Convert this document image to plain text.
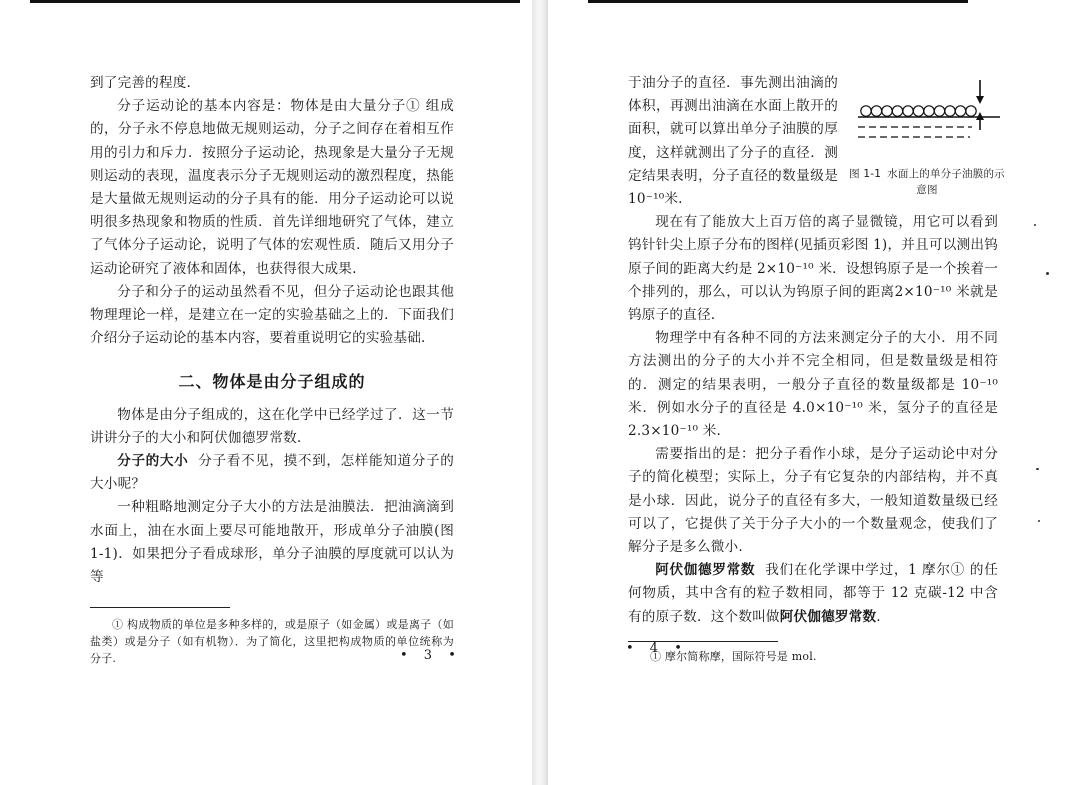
到了完善的程度.

分子运动论的基本内容是：物体是由大量分子① 组成的，分子永不停息地做无规则运动，分子之间存在着相互作用的引力和斥力．按照分子运动论，热现象是大量分子无规则运动的表现，温度表示分子无规则运动的激烈程度，热能是大量做无规则运动的分子具有的能．用分子运动论可以说明很多热现象和物质的性质．首先详细地研究了气体，建立了气体分子运动论，说明了气体的宏观性质．随后又用分子运动论研究了液体和固体，也获得很大成果.

分子和分子的运动虽然看不见，但分子运动论也跟其他物理理论一样，是建立在一定的实验基础之上的．下面我们介绍分子运动论的基本内容，要着重说明它的实验基础.

二、物体是由分子组成的

物体是由分子组成的，这在化学中已经学过了．这一节讲讲分子的大小和阿伏伽德罗常数.

分子的大小 分子看不见，摸不到，怎样能知道分子的大小呢？

一种粗略地测定分子大小的方法是油膜法．把油滴滴到水面上，油在水面上要尽可能地散开，形成单分子油膜(图 1-1)．如果把分子看成球形，单分子油膜的厚度就可以认为等

① 构成物质的单位是多种多样的，或是原子（如金属）或是离子（如盐类）或是分子（如有机物）．为了简化，这里把构成物质的单位统称为分子.	• 3 •
图 1-1 水面上的单分子油膜的示意图

于油分子的直径．事先测出油滴的体积，再测出油滴在水面上散开的面积，就可以算出单分子油膜的厚度，这样就测出了分子的直径．测定结果表明，分子直径的数量级是 10⁻¹⁰米.

现在有了能放大上百万倍的离子显微镜，用它可以看到钨针针尖上原子分布的图样(见插页彩图 1)，并且可以测出钨原子间的距离大约是 2×10⁻¹⁰ 米．设想钨原子是一个挨着一个排列的，那么，可以认为钨原子间的距离2×10⁻¹⁰ 米就是钨原子的直径.

物理学中有各种不同的方法来测定分子的大小．用不同方法测出的分子的大小并不完全相同，但是数量级是相符的．测定的结果表明，一般分子直径的数量级都是 10⁻¹⁰ 米．例如水分子的直径是 4.0×10⁻¹⁰ 米，氢分子的直径是 2.3×10⁻¹⁰ 米.

需要指出的是：把分子看作小球，是分子运动论中对分子的简化模型；实际上，分子有它复杂的内部结构，并不真是小球．因此，说分子的直径有多大，一般知道数量级已经可以了，它提供了关于分子大小的一个数量观念，使我们了解分子是多么微小.

阿伏伽德罗常数 我们在化学课中学过，1 摩尔① 的任何物质，其中含有的粒子数相同，都等于 12 克碳-12 中含有的原子数．这个数叫做阿伏伽德罗常数.

① 摩尔简称摩，国际符号是 mol.

• 4 •
